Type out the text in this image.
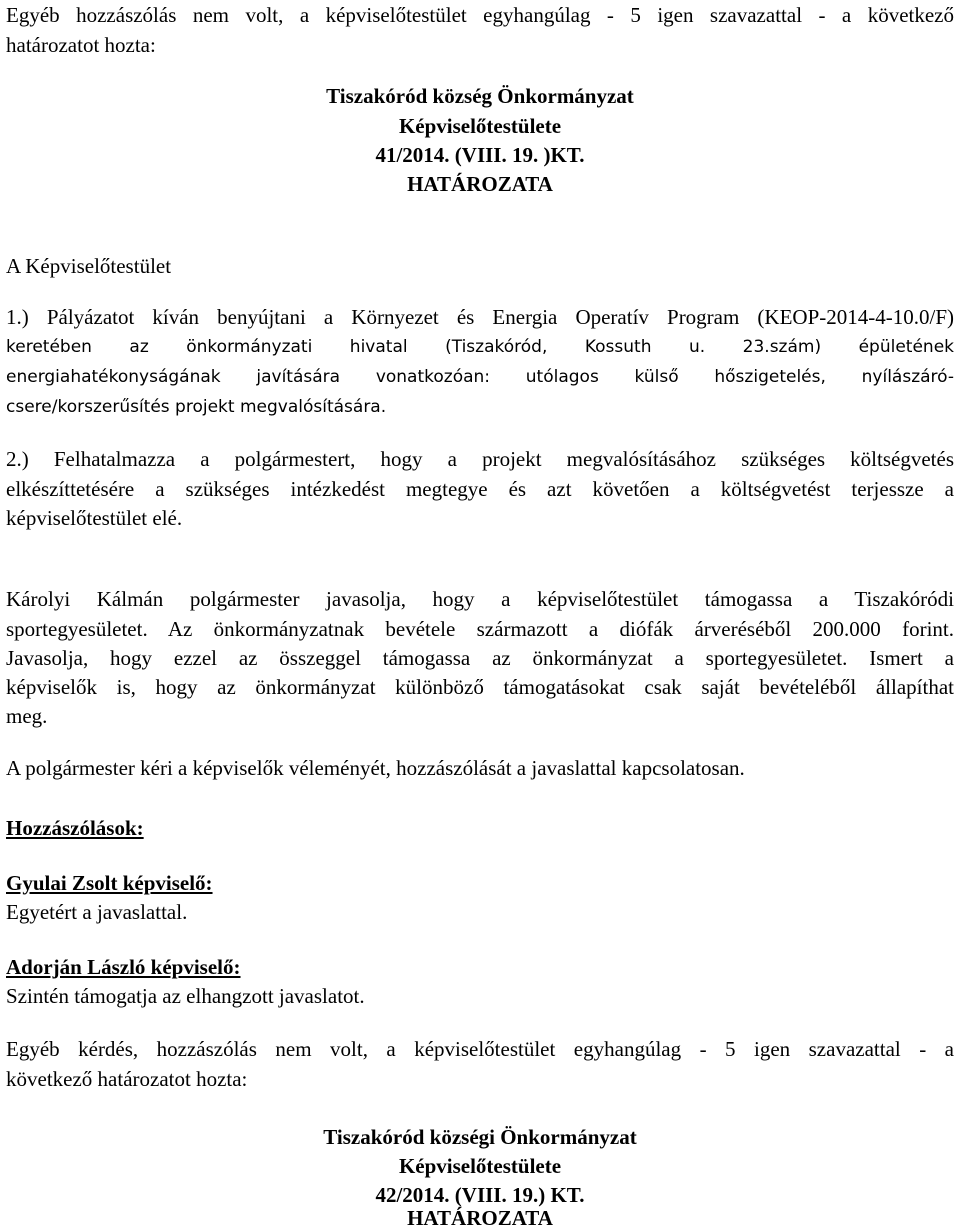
Egyéb hozzászólás nem volt, a képviselőtestület egyhangúlag - 5 igen szavazattal - a következő
határozatot hozta:
Tiszakóród község Önkormányzat
Képviselőtestülete
41/2014. (VIII. 19. )KT.
HATÁROZATA
A Képviselőtestület
1.) Pályázatot kíván benyújtani a Környezet és Energia Operatív Program (KEOP-2014-4-10.0/F)
keretében az önkormányzati hivatal (Tiszakóród, Kossuth u. 23.szám) épületének
energiahatékonyságának javítására vonatkozóan: utólagos külső hőszigetelés, nyílászáró-
csere/korszerűsítés projekt megvalósítására.
2.) Felhatalmazza a polgármestert, hogy a projekt megvalósításához szükséges költségvetés
elkészíttetésére a szükséges intézkedést megtegye és azt követően a költségvetést terjessze a
képviselőtestület elé.
Károlyi Kálmán polgármester javasolja, hogy a képviselőtestület támogassa a Tiszakóródi
sportegyesületet. Az önkormányzatnak bevétele származott a diófák árveréséből 200.000 forint.
Javasolja, hogy ezzel az összeggel támogassa az önkormányzat a sportegyesületet. Ismert a
képviselők is, hogy az önkormányzat különböző támogatásokat csak saját bevételéből állapíthat
meg.
A polgármester kéri a képviselők véleményét, hozzászólását a javaslattal kapcsolatosan.
Hozzászólások:
Gyulai Zsolt képviselő:
Egyetért a javaslattal.
Adorján László képviselő:
Szintén támogatja az elhangzott javaslatot.
Egyéb kérdés, hozzászólás nem volt, a képviselőtestület egyhangúlag - 5 igen szavazattal - a
következő határozatot hozta:
Tiszakóród községi Önkormányzat
Képviselőtestülete
42/2014. (VIII. 19.) KT.
HATÁROZATA
